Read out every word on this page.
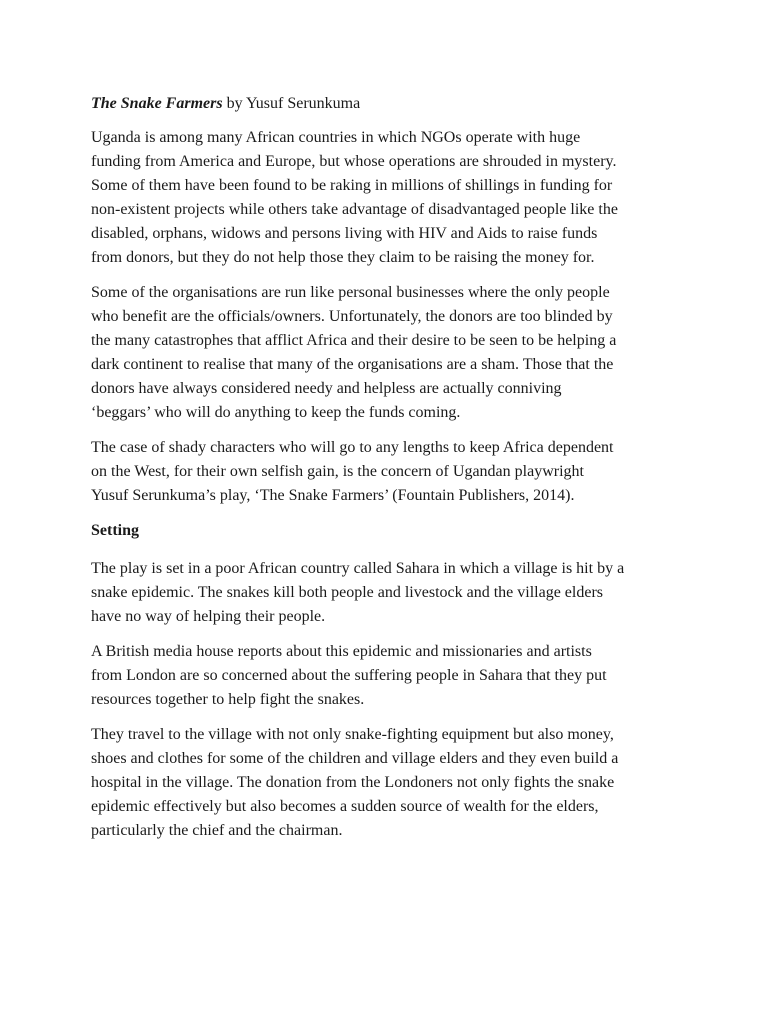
The Snake Farmers by Yusuf Serunkuma

Uganda is among many African countries in which NGOs operate with huge
funding from America and Europe, but whose operations are shrouded in mystery.
Some of them have been found to be raking in millions of shillings in funding for
non-existent projects while others take advantage of disadvantaged people like the
disabled, orphans, widows and persons living with HIV and Aids to raise funds
from donors, but they do not help those they claim to be raising the money for.

Some of the organisations are run like personal businesses where the only people
who benefit are the officials/owners. Unfortunately, the donors are too blinded by
the many catastrophes that afflict Africa and their desire to be seen to be helping a
dark continent to realise that many of the organisations are a sham. Those that the
donors have always considered needy and helpless are actually conniving
‘beggars’ who will do anything to keep the funds coming.

The case of shady characters who will go to any lengths to keep Africa dependent
on the West, for their own selfish gain, is the concern of Ugandan playwright
Yusuf Serunkuma’s play, ‘The Snake Farmers’ (Fountain Publishers, 2014).

Setting

The play is set in a poor African country called Sahara in which a village is hit by a
snake epidemic. The snakes kill both people and livestock and the village elders
have no way of helping their people.

A British media house reports about this epidemic and missionaries and artists
from London are so concerned about the suffering people in Sahara that they put
resources together to help fight the snakes.

They travel to the village with not only snake-fighting equipment but also money,
shoes and clothes for some of the children and village elders and they even build a
hospital in the village. The donation from the Londoners not only fights the snake
epidemic effectively but also becomes a sudden source of wealth for the elders,
particularly the chief and the chairman.
